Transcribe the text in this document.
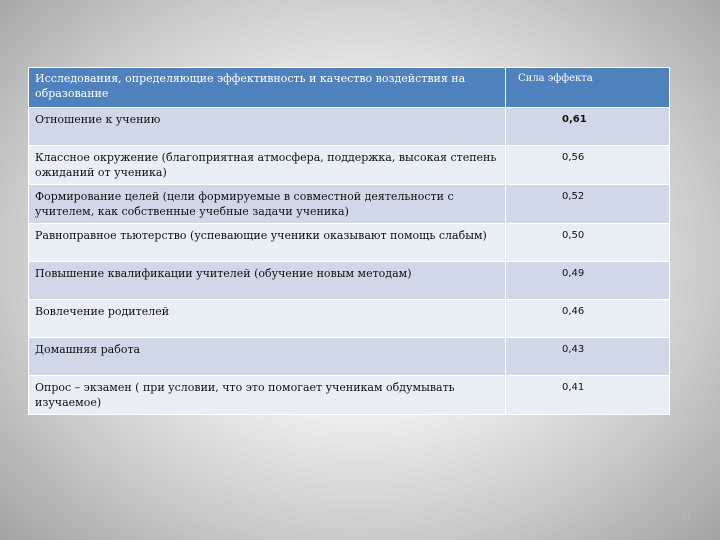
Исследования, определяющие эффективность и качество воздействия на образование	Сила эффекта
Отношение к учению	0,61
Классное окружение (благоприятная атмосфера, поддержка, высокая степень ожиданий от ученика)	0,56
Формирование целей (цели формируемые в совместной деятельности с учителем, как собственные учебные задачи ученика)	0,52
Равноправное тьютерство (успевающие ученики оказывают помощь слабым)	0,50
Повышение квалификации учителей (обучение новым методам)	0,49
Вовлечение родителей	0,46
Домашняя работа	0,43
Опрос – экзамен ( при условии, что это помогает ученикам обдумывать изучаемое)	0,41
31
